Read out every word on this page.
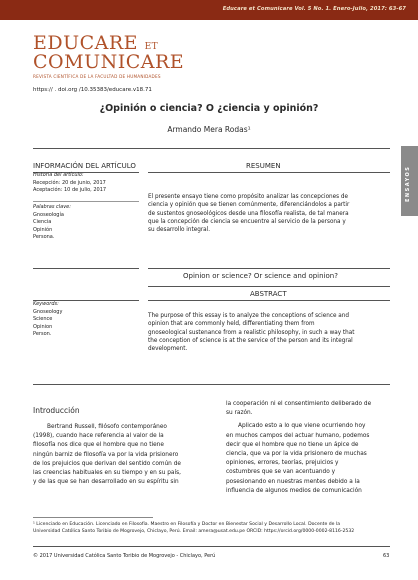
Educare et Comunicare Vol. 5 No. 1. Enero-Julio, 2017: 63-67
EDUCARE ET
COMUNICARE
REVISTA CIENTÍFICA DE LA FACULTAD DE HUMANIDADES
https:// . doi.org /10.35383/educare.v18.71
¿Opinión o ciencia? O ¿ciencia y opinión?
Armando Mera Rodas¹
ENSAYOS
INFORMACIÓN DEL ARTÍCULO	RESUMEN
Historia del artículo:
Recepción: 20 de junio, 2017
Aceptación: 10 de julio, 2017
Palabras clave:
Gnoseología
Ciencia
Opinión
Persona.
El presente ensayo tiene como propósito analizar las concepciones de
ciencia y opinión que se tienen comúnmente, diferenciándolos a partir
de sustentos gnoseológicos desde una filosofía realista, de tal manera
que la concepción de ciencia se encuentre al servicio de la persona y
su desarrollo integral.
Opinion or science? Or science and opinion?
ABSTRACT
Keywords:
Gnoseology
Science
Opinion
Person.
The purpose of this essay is to analyze the conceptions of science and
opinion that are commonly held, differentiating them from
gnoseological sustenance from a realistic philosophy, in such a way that
the conception of science is at the service of the person and its integral
development.
Introducción
Bertrand Russell, filósofo contemporáneo
(1998), cuando hace referencia al valor de la
filosofía nos dice que el hombre que no tiene
ningún barniz de filosofía va por la vida prisionero
de los prejuicios que derivan del sentido común de
las creencias habituales en su tiempo y en su país,
y de las que se han desarrollado en su espíritu sin
la cooperación ni el consentimiento deliberado de
su razón.
Aplicado esto a lo que viene ocurriendo hoy
en muchos campos del actuar humano, podemos
decir que el hombre que no tiene un ápice de
ciencia, que va por la vida prisionero de muchas
opiniones, errores, teorías, prejuicios y
costumbres que se van acentuando y
posesionando en nuestras mentes debido a la
influencia de algunos medios de comunicación
¹ Licenciado en Educación. Licenciado en Filosofía. Maestro en Filosofía y Doctor en Bienestar Social y Desarrollo Local. Docente de la
Universidad Católica Santo Toribio de Mogrovejo, Chiclayo, Perú. Email: amera@usat.edu.pe ORCID: https://orcid.org/0000-0002-8116-2532
© 2017 Universidad Católica Santo Toribio de Mogrovejo - Chiclayo, Perú	63
